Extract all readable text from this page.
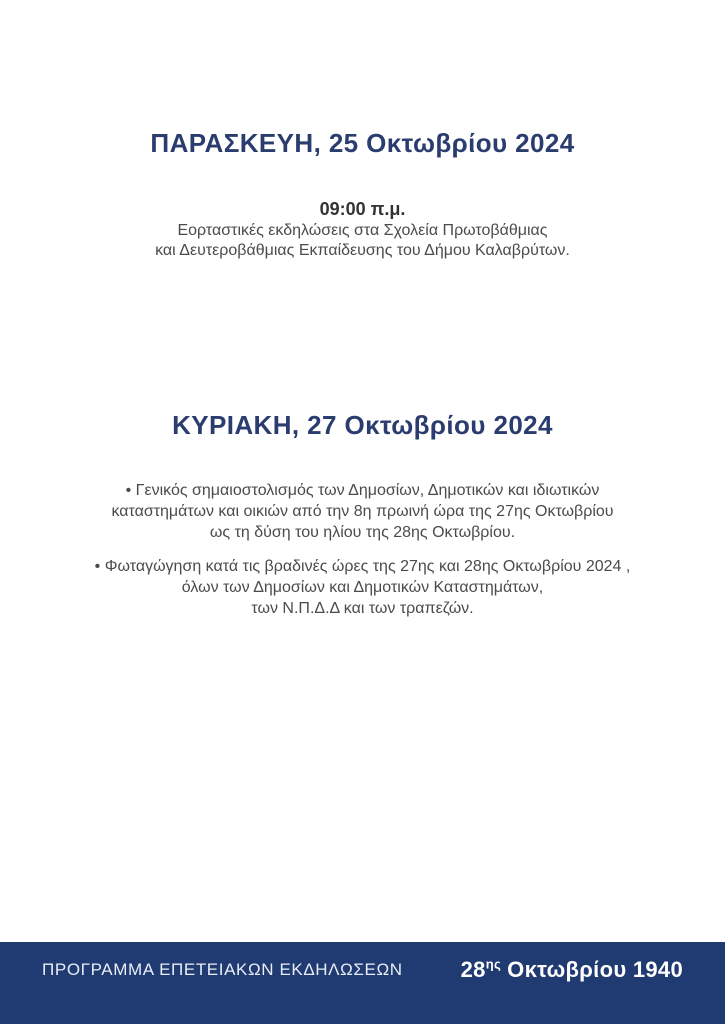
ΠΑΡΑΣΚΕΥΗ, 25 Οκτωβρίου 2024
09:00 π.μ.
Εορταστικές εκδηλώσεις στα Σχολεία Πρωτοβάθμιας
και Δευτεροβάθμιας Εκπαίδευσης του Δήμου Καλαβρύτων.
ΚΥΡΙΑΚΗ, 27 Οκτωβρίου 2024
• Γενικός σημαιοστολισμός των Δημοσίων, Δημοτικών και ιδιωτικών
καταστημάτων και οικιών από την 8η πρωινή ώρα της 27ης Οκτωβρίου
ως τη δύση του ηλίου της 28ης Οκτωβρίου.
• Φωταγώγηση κατά τις βραδινές ώρες της 27ης και 28ης Οκτωβρίου 2024 ,
όλων των Δημοσίων και Δημοτικών Καταστημάτων,
των Ν.Π.Δ.Δ και των τραπεζών.
ΠΡΟΓΡΑΜΜΑ ΕΠΕΤΕΙΑΚΩΝ ΕΚΔΗΛΩΣΕΩΝ	$28^{\eta\varsigma}$ Οκτωβρίου 1940
